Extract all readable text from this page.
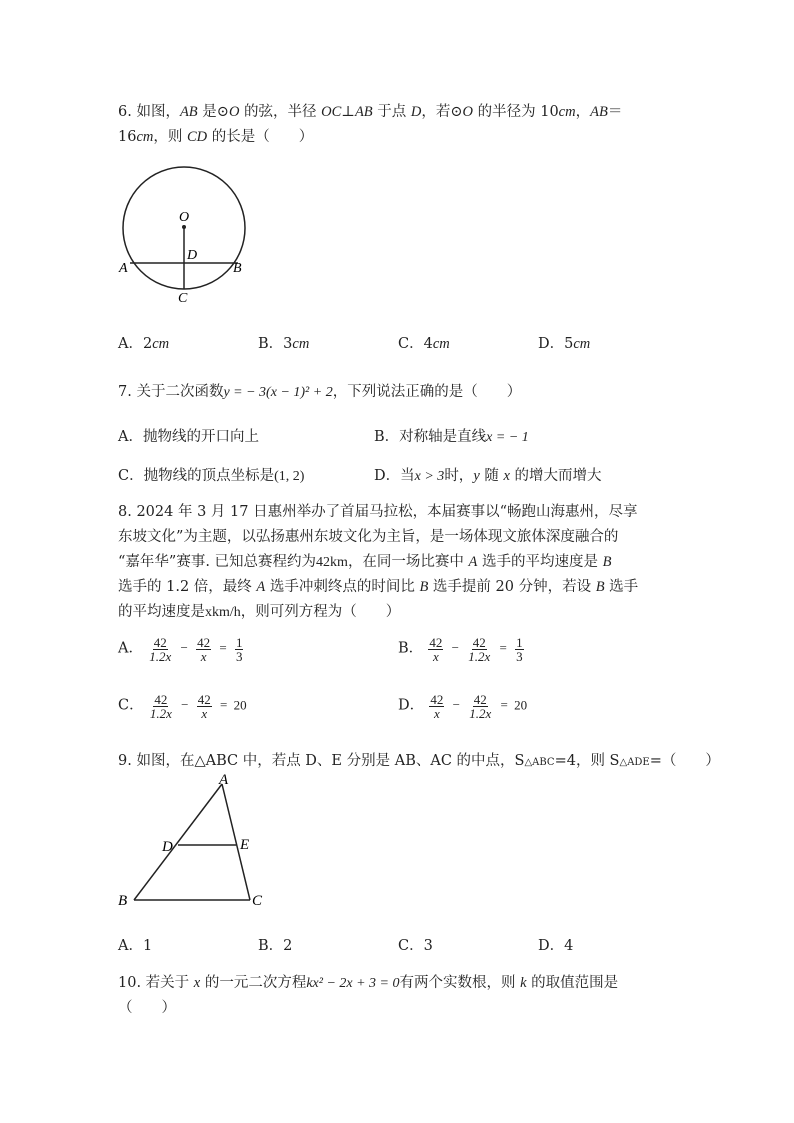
6. 如图，AB 是⊙O 的弦，半径 OC⊥AB 于点 D，若⊙O 的半径为 10cm，AB＝
16cm，则 CD 的长是（　　）
O
D
A	B
C
A．2cm	B．3cm	C．4cm	D．5cm
7. 关于二次函数y = − 3(x − 1)² + 2，下列说法正确的是（　　）
A．抛物线的开口向上	B．对称轴是直线x = − 1
C．抛物线的顶点坐标是(1, 2)	D．当x > 3时，y 随 x 的增大而增大
8. 2024 年 3 月 17 日惠州举办了首届马拉松，本届赛事以“畅跑山海惠州，尽享
东坡文化”为主题，以弘扬惠州东坡文化为主旨，是一场体现文旅体深度融合的
“嘉年华”赛事. 已知总赛程约为42km，在同一场比赛中 A 选手的平均速度是 B
选手的 1.2 倍，最终 A 选手冲刺终点的时间比 B 选手提前 20 分钟，若设 B 选手
的平均速度是xkm/h，则可列方程为（　　）
A． $\frac{42}{1.2x} - \frac{42}{x} = \frac{1}{3}$	B． $\frac{42}{x} - \frac{42}{1.2x} = \frac{1}{3}$
C． $\frac{42}{1.2x} - \frac{42}{x} = 20$	D． $\frac{42}{x} - \frac{42}{1.2x} = 20$
9. 如图，在△ABC 中，若点 D、E 分别是 AB、AC 的中点，S△ABC=4，则 S△ADE=（　　）
A
D	E
B	C
A．1	B．2	C．3	D．4
10. 若关于 x 的一元二次方程kx² − 2x + 3 = 0有两个实数根，则 k 的取值范围是
（　　）
